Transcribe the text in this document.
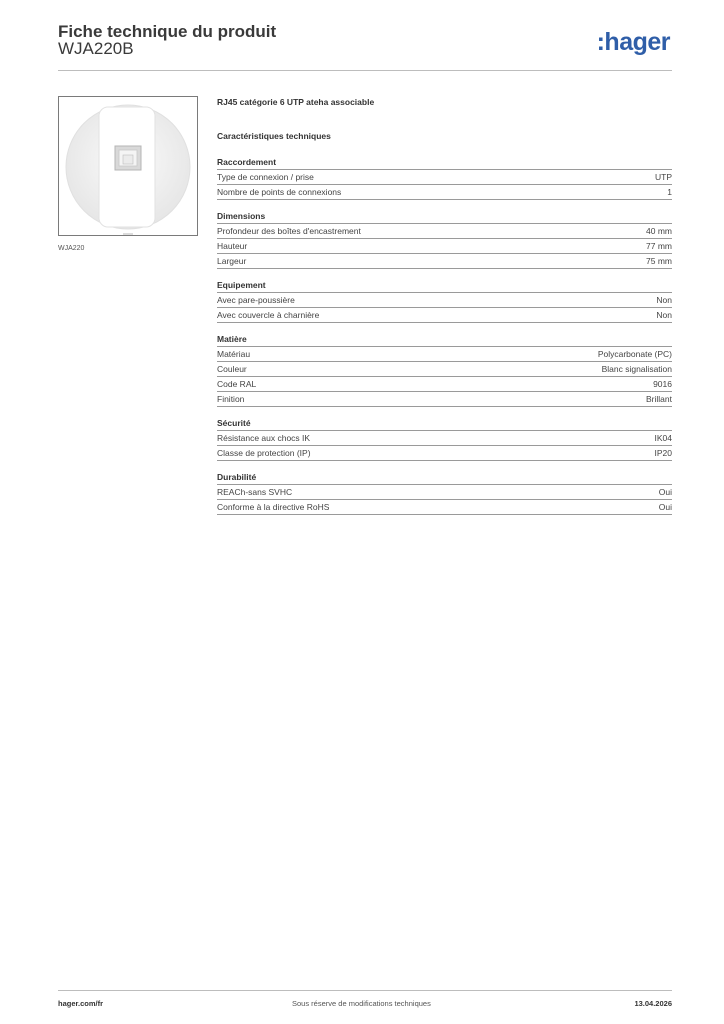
Fiche technique du produit
WJA220B	:hager
WJA220
RJ45 catégorie 6 UTP ateha associable
Caractéristiques techniques
Raccordement
Type de connexion / prise	UTP
Nombre de points de connexions	1
Dimensions
Profondeur des boîtes d'encastrement	40 mm
Hauteur	77 mm
Largeur	75 mm
Equipement
Avec pare-poussière	Non
Avec couvercle à charnière	Non
Matière
Matériau	Polycarbonate (PC)
Couleur	Blanc signalisation
Code RAL	9016
Finition	Brillant
Sécurité
Résistance aux chocs IK	IK04
Classe de protection (IP)	IP20
Durabilité
REACh-sans SVHC	Oui
Conforme à la directive RoHS	Oui
hager.com/fr	Sous réserve de modifications techniques	13.04.2026
